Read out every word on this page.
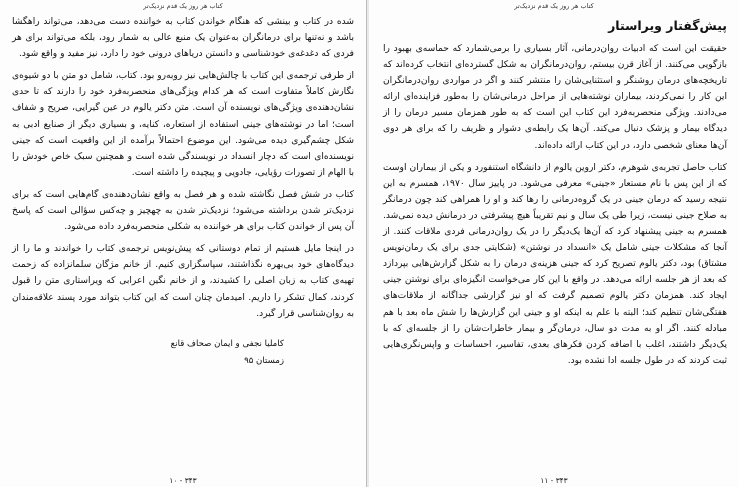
کتاب هر روز یک قدم نزدیک‌تر

شده در کتاب و بینشی که هنگام خواندن کتاب به خواننده دست می‌دهد، می‌تواند راهگشا باشد و نه‌تنها برای درمانگران به‌عنوان یک منبع عالی به شمار رود، بلکه می‌تواند برای هر فردی که دغدغه‌ی خودشناسی و دانستن دریاهای درونی خود را دارد، نیز مفید و واقع شود.

از طرفی ترجمه‌ی این کتاب با چالش‌هایی نیز روبه‌رو بود. کتاب، شامل دو متن با دو شیوه‌ی نگارش کاملاً متفاوت است که هر کدام ویژگی‌های منحصربه‌فرد خود را دارند که تا حدی نشان‌دهنده‌ی ویژگی‌های نویسنده آن است. متن دکتر یالوم در عین گیرایی، صریح و شفاف است؛ اما در نوشته‌های جینی استفاده از استعاره، کنایه، و بسیاری دیگر از صنایع ادبی به شکل چشم‌گیری دیده می‌شود. این موضوع احتمالاً برآمده از این واقعیت است که جینی نویسنده‌ای است که دچار انسداد در نویسندگی شده است و همچنین سبک خاص خودش را با الهام از تصورات رؤیایی، جادویی و پیچیده را داشته است.

کتاب در شش فصل نگاشته شده و هر فصل به واقع نشان‌دهنده‌ی گام‌هایی است که برای نزدیک‌تر شدن برداشته می‌شود؛ نزدیک‌تر شدن به چهچیز و چه‌کس سؤالی است که پاسخ آن پس از خواندن کتاب برای هر خواننده به شکلی منحصربه‌فرد داده می‌شود.

در اینجا مایل هستیم از تمام دوستانی که پیش‌نویس ترجمه‌ی کتاب را خواندند و ما را از دیدگاه‌های خود بی‌بهره نگذاشتند، سپاسگزاری کنیم. از خانم مژگان سلمانزاده که زحمت تهیه‌ی کتاب به زبان اصلی را کشیدند، و از خانم نگین اعرابی که ویراستاری متن را قبول کردند، کمال تشکر را داریم. امیدمان چنان است که این کتاب بتواند مورد پسند علاقه‌مندان به روان‌شناسی قرار گیرد.

کاملیا نجفی و ایمان صحاف قانع
زمستان ۹۵
۳۴۳ - ۱۰
کتاب هر روز یک قدم نزدیک‌تر
پیش‌گفتار ویراستار

حقیقت این است که ادبیات روان‌درمانی، آثار بسیاری را برمی‌شمارد که حماسه‌ی بهبود را بازگویی می‌کنند. از آغاز قرن بیستم، روان‌درمانگران به شکل گسترده‌ای انتخاب کرده‌اند که تاریخچه‌های درمان روشنگر و استثنایی‌شان را منتشر کنند و اگر در مواردی روان‌درمانگران این کار را نمی‌کردند، بیماران نوشته‌هایی از مراحل درمانی‌شان را به‌طور فزاینده‌ای ارائه می‌دادند. ویژگی منحصربه‌فرد این کتاب این است که به طور همزمان مسیر درمان را از دیدگاه بیمار و پزشک دنبال می‌کند. آن‌ها یک رابطه‌ی دشوار و ظریف را که برای هر دوی آن‌ها معنای شخصی دارد، در این کتاب ارائه داده‌اند.

کتاب حاصل تجربه‌ی شوهرم، دکتر اروین یالوم از دانشگاه استنفورد و یکی از بیماران اوست که از این پس با نام مستعار «جینی» معرفی می‌شود. در پاییز سال ۱۹۷۰، همسرم به این نتیجه رسید که درمان جینی در یک گروه‌درمانی را رها کند و او را همراهی کند چون درمانگر به صلاح جینی نیست، زیرا طی یک سال و نیم تقریباً هیچ پیشرفتی در درمانش دیده نمی‌شد. همسرم به جینی پیشنهاد کرد که آن‌ها یک‌دیگر را در یک روان‌درمانی فردی ملاقات کنند. از آنجا که مشکلات جینی شامل یک «انسداد در نوشتن» (شکایتی جدی برای یک رمان‌نویس مشتاق) بود، دکتر یالوم تصریح کرد که جینی هزینه‌ی درمان را به شکل گزارش‌هایی بپردازد که بعد از هر جلسه ارائه می‌دهد. در واقع با این کار می‌خواست انگیزه‌ای برای نوشتن جینی ایجاد کند. همزمان دکتر یالوم تصمیم گرفت که او نیز گزارشی جداگانه از ملاقات‌های هفتگی‌شان تنظیم کند؛ البته با علم به اینکه او و جینی این گزارش‌ها را شش ماه بعد با هم مبادله کنند. اگر او به مدت دو سال، درمان‌گر و بیمار خاطرات‌شان را از جلسه‌ای که با یک‌دیگر داشتند، اغلب با اضافه کردن فکرهای بعدی، تفاسیر، احساسات و واپس‌نگری‌هایی ثبت کردند که در طول جلسه ادا نشده بود.

۳۴۳ - ۱۱
